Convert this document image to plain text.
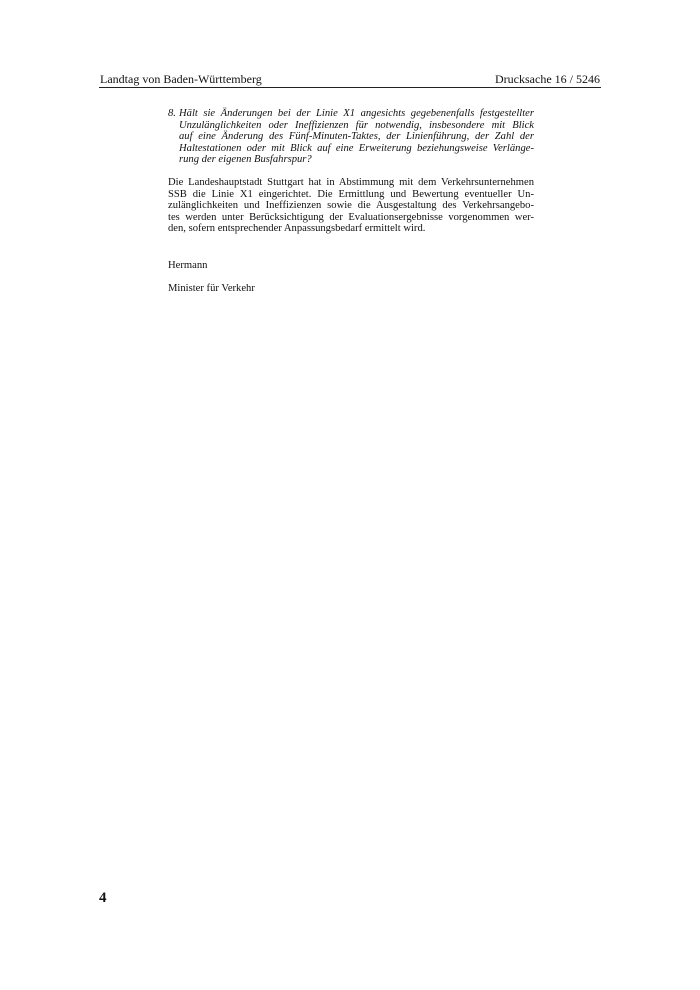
Landtag von Baden-Württemberg	Drucksache 16 / 5246
8. Hält sie Änderungen bei der Linie X1 angesichts gegebenenfalls festgestellter
Unzulänglichkeiten oder Ineffizienzen für notwendig, insbesondere mit Blick
auf eine Änderung des Fünf-Minuten-Taktes, der Linienführung, der Zahl der
Haltestationen oder mit Blick auf eine Erweiterung beziehungsweise Verlänge-
rung der eigenen Busfahrspur?
Die Landeshauptstadt Stuttgart hat in Abstimmung mit dem Verkehrsunternehmen
SSB die Linie X1 eingerichtet. Die Ermittlung und Bewertung eventueller Un-
zulänglichkeiten und Ineffizienzen sowie die Ausgestaltung des Verkehrsangebo-
tes werden unter Berücksichtigung der Evaluationsergebnisse vorgenommen wer-
den, sofern entsprechender Anpassungsbedarf ermittelt wird.
Hermann
Minister für Verkehr
4
